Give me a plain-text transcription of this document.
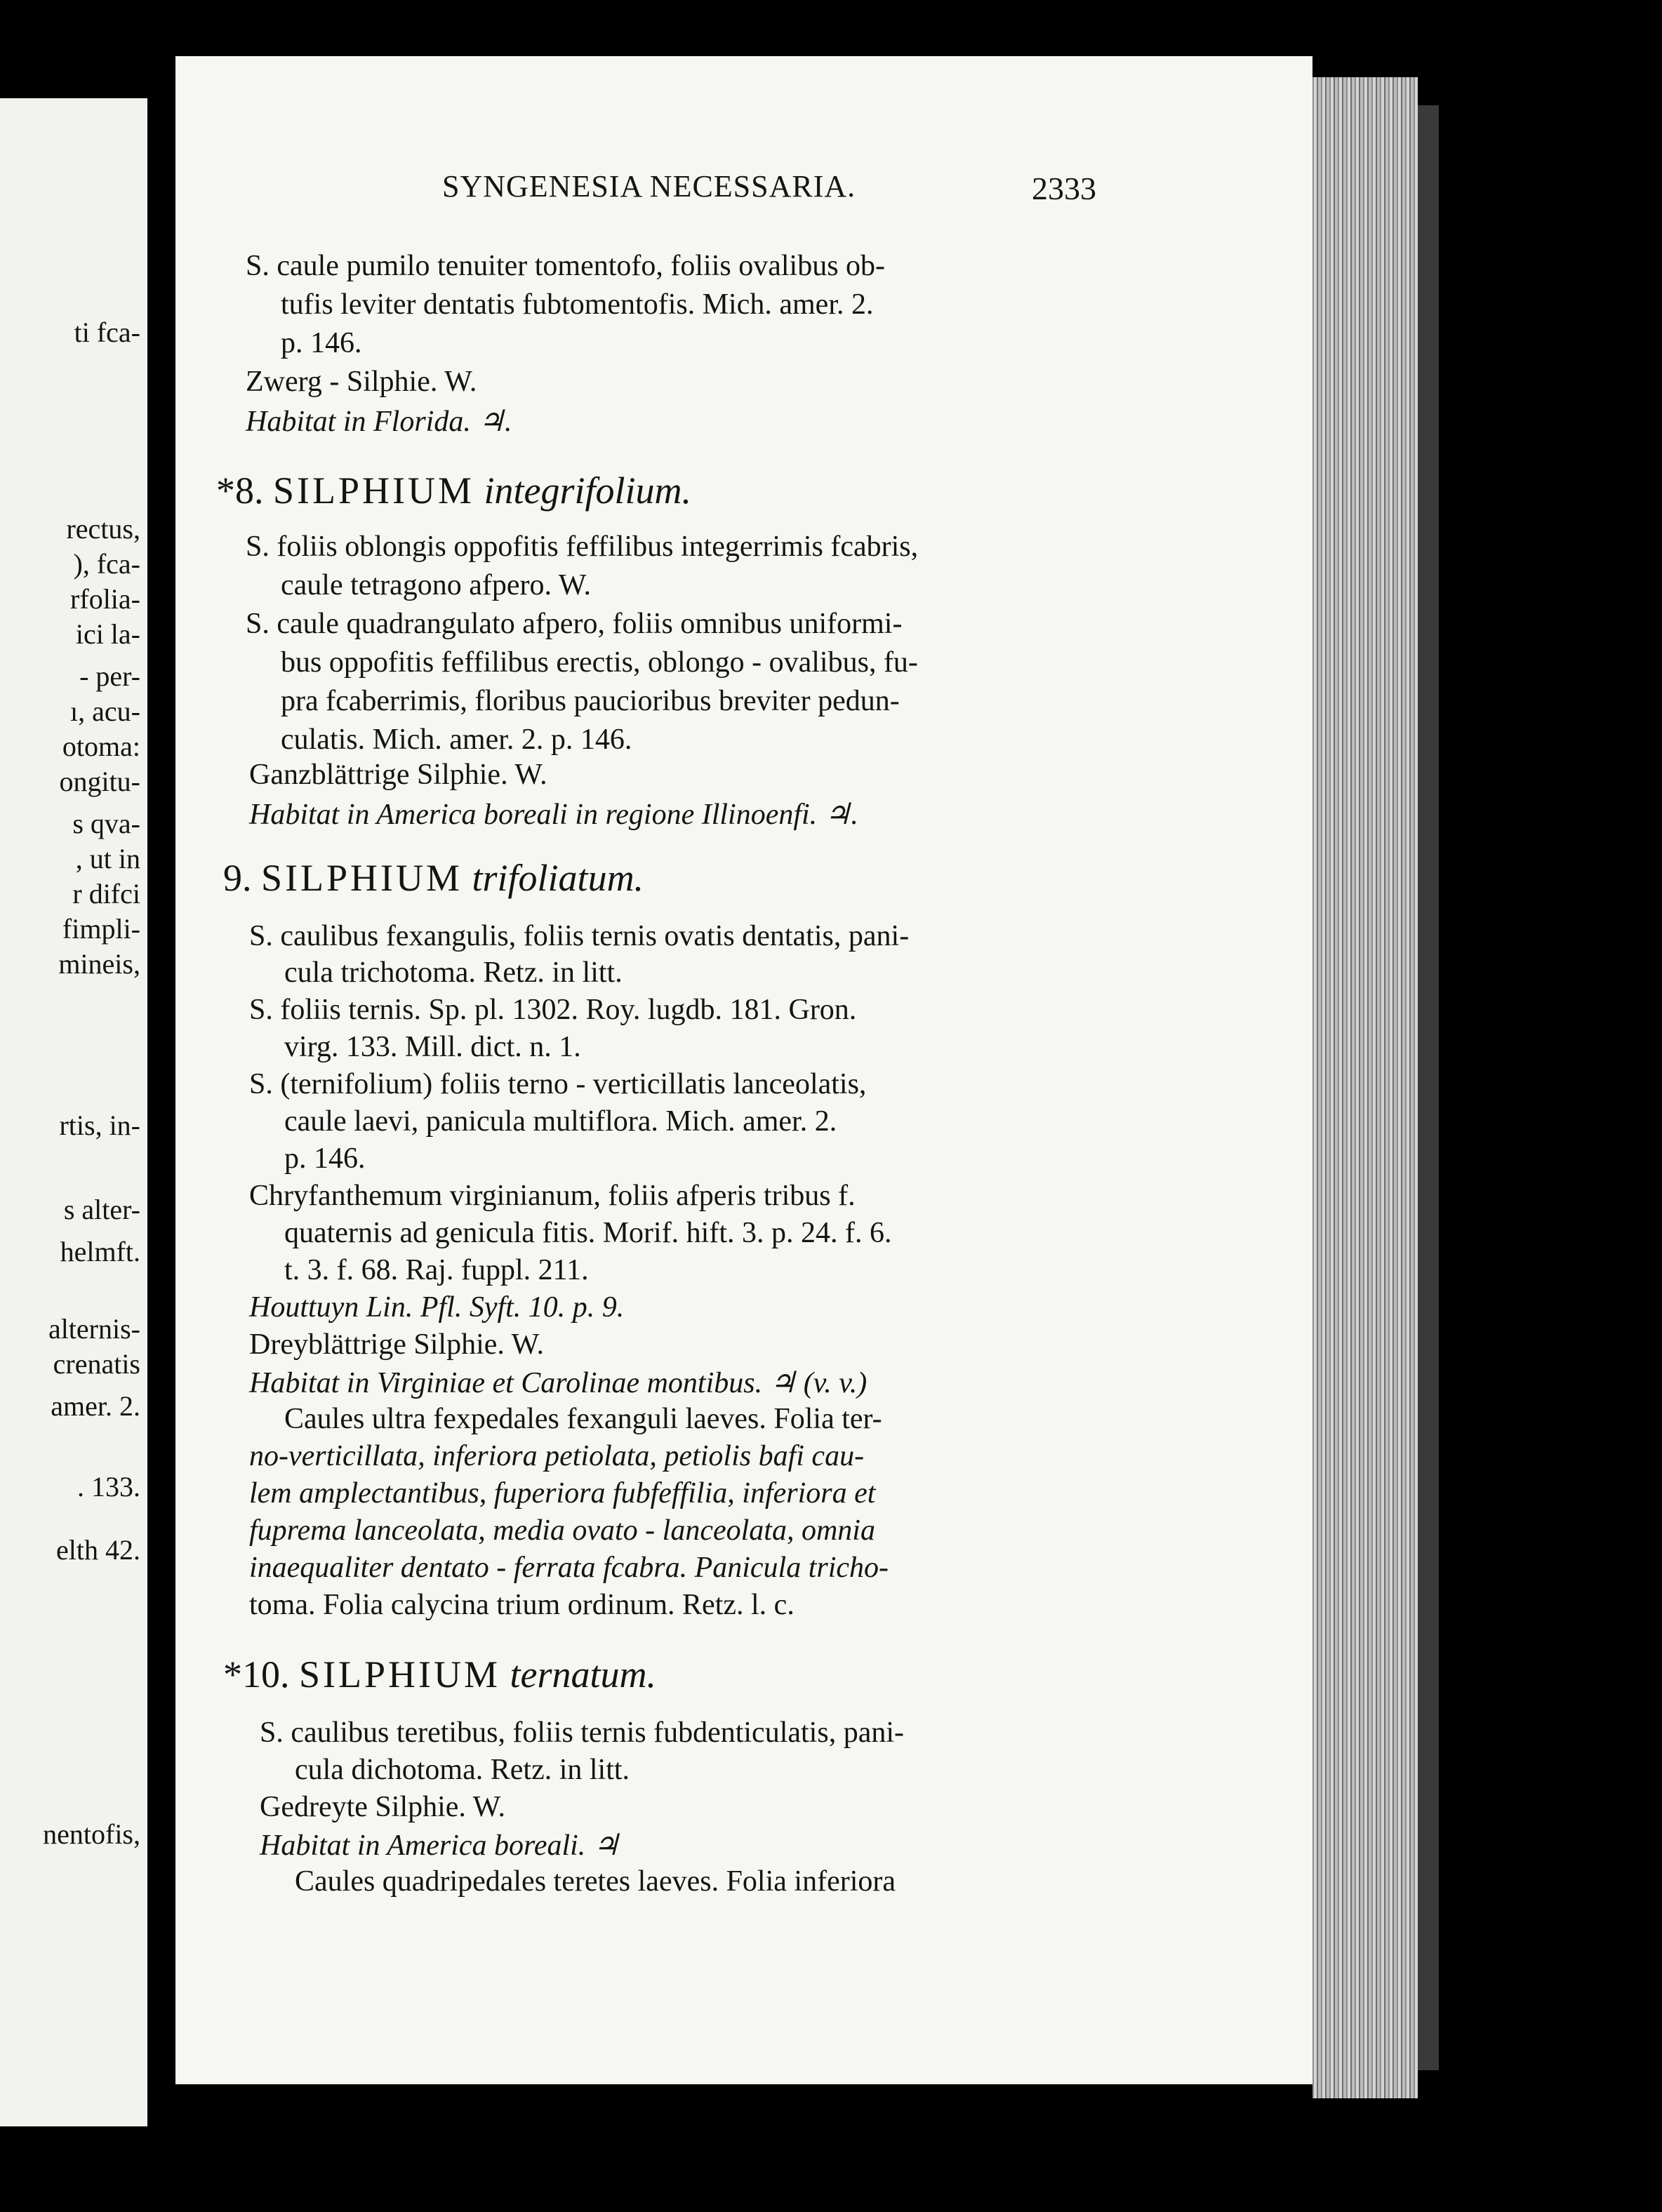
ti fca-
rectus,
), fca-
rfolia-
ici la-
- per-
ı, acu-
otoma:
ongitu-
s qva-
, ut in
r difci
fimpli-
mineis,
rtis, in-
s alter-
helmft.
alternis-
crenatis
amer. 2.
. 133.
elth 42.
nentofis,
SYNGENESIA NECESSARIA.	2333
S. caule pumilo tenuiter tomentofo, foliis ovalibus ob-
tufis leviter dentatis fubtomentofis. Mich. amer. 2.
p. 146.
Zwerg - Silphie. W.
Habitat in Florida. ♃.
*8. SILPHIUM integrifolium.
S. foliis oblongis oppofitis feffilibus integerrimis fcabris,
caule tetragono afpero. W.
S. caule quadrangulato afpero, foliis omnibus uniformi-
bus oppofitis feffilibus erectis, oblongo - ovalibus, fu-
pra fcaberrimis, floribus paucioribus breviter pedun-
culatis. Mich. amer. 2. p. 146.
Ganzblättrige Silphie. W.
Habitat in America boreali in regione Illinoenfi. ♃.
9. SILPHIUM trifoliatum.
S. caulibus fexangulis, foliis ternis ovatis dentatis, pani-
cula trichotoma. Retz. in litt.
S. foliis ternis. Sp. pl. 1302. Roy. lugdb. 181. Gron.
virg. 133. Mill. dict. n. 1.
S. (ternifolium) foliis terno - verticillatis lanceolatis,
caule laevi, panicula multiflora. Mich. amer. 2.
p. 146.
Chryfanthemum virginianum, foliis afperis tribus f.
quaternis ad genicula fitis. Morif. hift. 3. p. 24. f. 6.
t. 3. f. 68. Raj. fuppl. 211.
Houttuyn Lin. Pfl. Syft. 10. p. 9.
Dreyblättrige Silphie. W.
Habitat in Virginiae et Carolinae montibus. ♃ (v. v.)
Caules ultra fexpedales fexanguli laeves. Folia ter-
no-verticillata, inferiora petiolata, petiolis bafi cau-
lem amplectantibus, fuperiora fubfeffilia, inferiora et
fuprema lanceolata, media ovato - lanceolata, omnia
inaequaliter dentato - ferrata fcabra. Panicula tricho-
toma. Folia calycina trium ordinum. Retz. l. c.
*10. SILPHIUM ternatum.
S. caulibus teretibus, foliis ternis fubdenticulatis, pani-
cula dichotoma. Retz. in litt.
Gedreyte Silphie. W.
Habitat in America boreali. ♃
Caules quadripedales teretes laeves. Folia inferiora
